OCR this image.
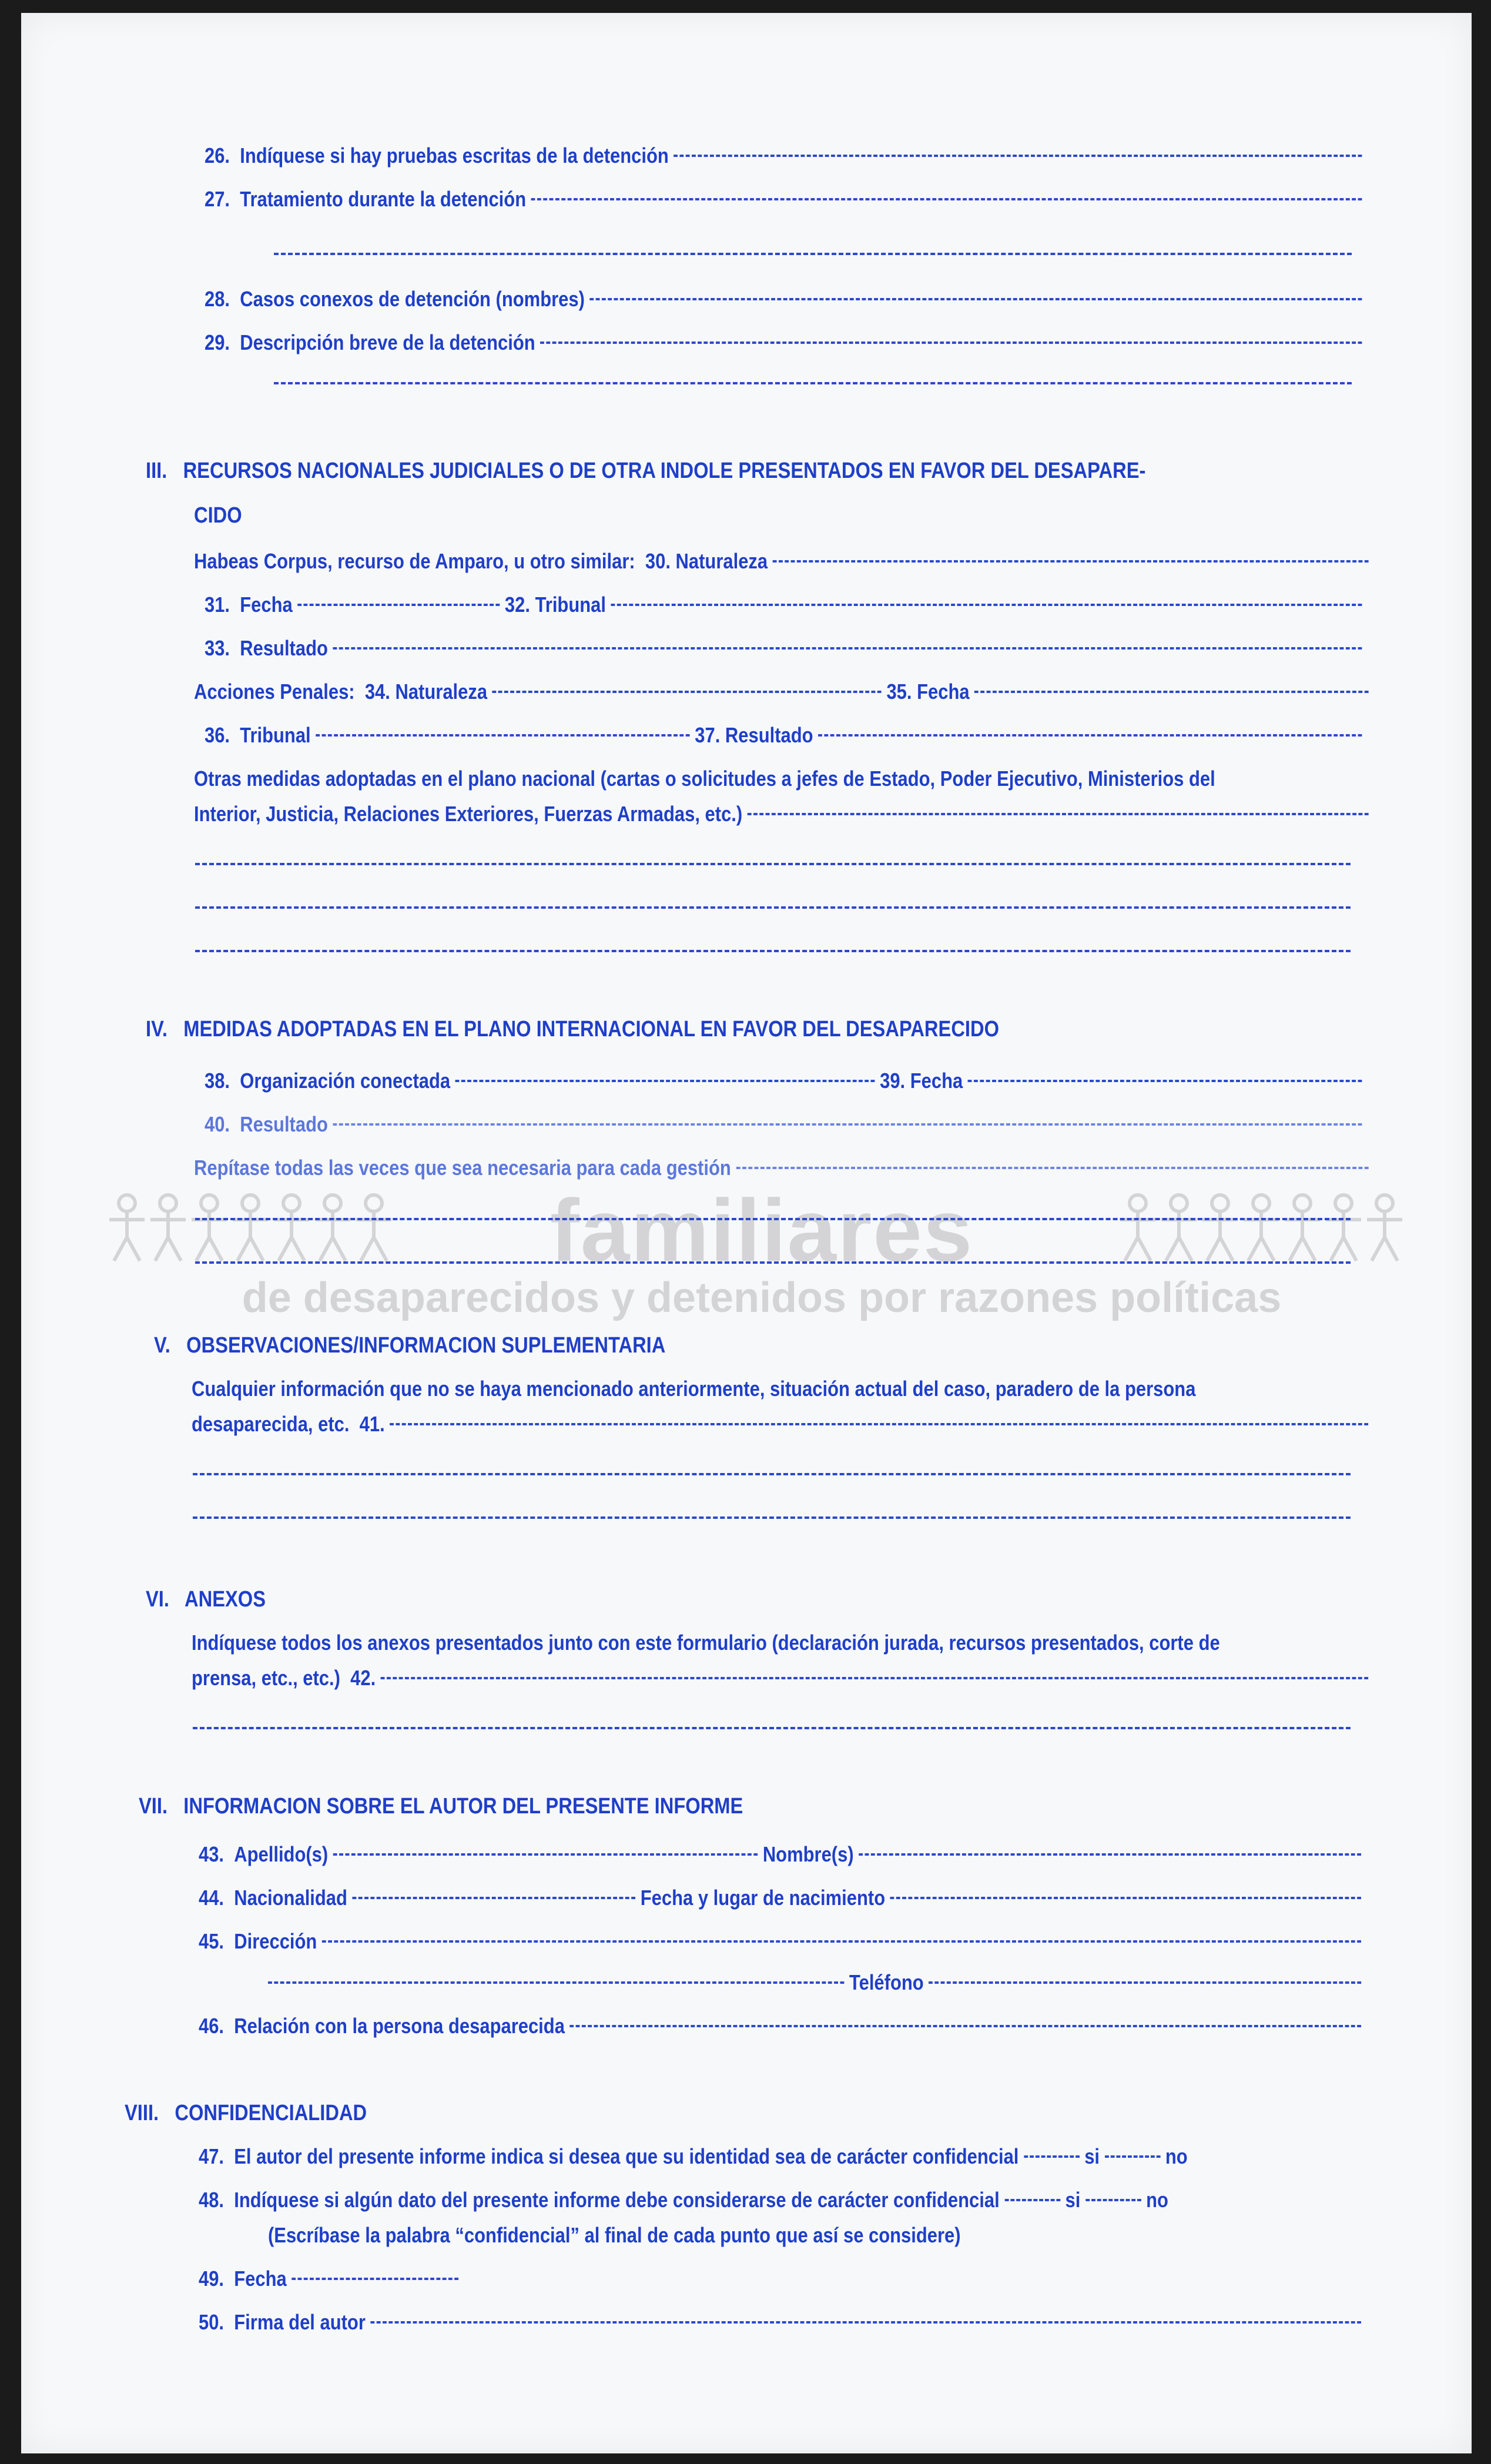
familiares
de desaparecidos y detenidos por razones políticas
26.
Indíquese si hay pruebas escritas de la detención
27.
Tratamiento durante la detención
28.
Casos conexos de detención (nombres)
29.
Descripción breve de la detención
III. RECURSOS NACIONALES JUDICIALES O DE OTRA INDOLE PRESENTADOS EN FAVOR DEL DESAPARE-
CIDO
Habeas Corpus, recurso de Amparo, u otro similar:
30. Naturaleza
31.
Fecha	32. Tribunal
33.
Resultado
Acciones Penales:
34. Naturaleza	35. Fecha
36.
Tribunal	37. Resultado
Otras medidas adoptadas en el plano nacional (cartas o solicitudes a jefes de Estado, Poder Ejecutivo, Ministerios del
Interior, Justicia, Relaciones Exteriores, Fuerzas Armadas, etc.)
IV. MEDIDAS ADOPTADAS EN EL PLANO INTERNACIONAL EN FAVOR DEL DESAPARECIDO
38.
Organización conectada	39. Fecha
40.
Resultado
Repítase todas las veces que sea necesaria para cada gestión
V. OBSERVACIONES/INFORMACION SUPLEMENTARIA
Cualquier información que no se haya mencionado anteriormente, situación actual del caso, paradero de la persona
desaparecida, etc.
41.
VI. ANEXOS
Indíquese todos los anexos presentados junto con este formulario (declaración jurada, recursos presentados, corte de
prensa, etc., etc.)
42.
VII. INFORMACION SOBRE EL AUTOR DEL PRESENTE INFORME
43.
Apellido(s)	Nombre(s)
44.
Nacionalidad	Fecha y lugar de nacimiento
45.
Dirección
Teléfono
46.
Relación con la persona desaparecida
VIII. CONFIDENCIALIDAD
47.
El autor del presente informe indica si desea que su identidad sea de carácter confidencial	si	no
48.
Indíquese si algún dato del presente informe debe considerarse de carácter confidencial	si	no
(Escríbase la palabra “confidencial” al final de cada punto que así se considere)
49.
Fecha
50.
Firma del autor
